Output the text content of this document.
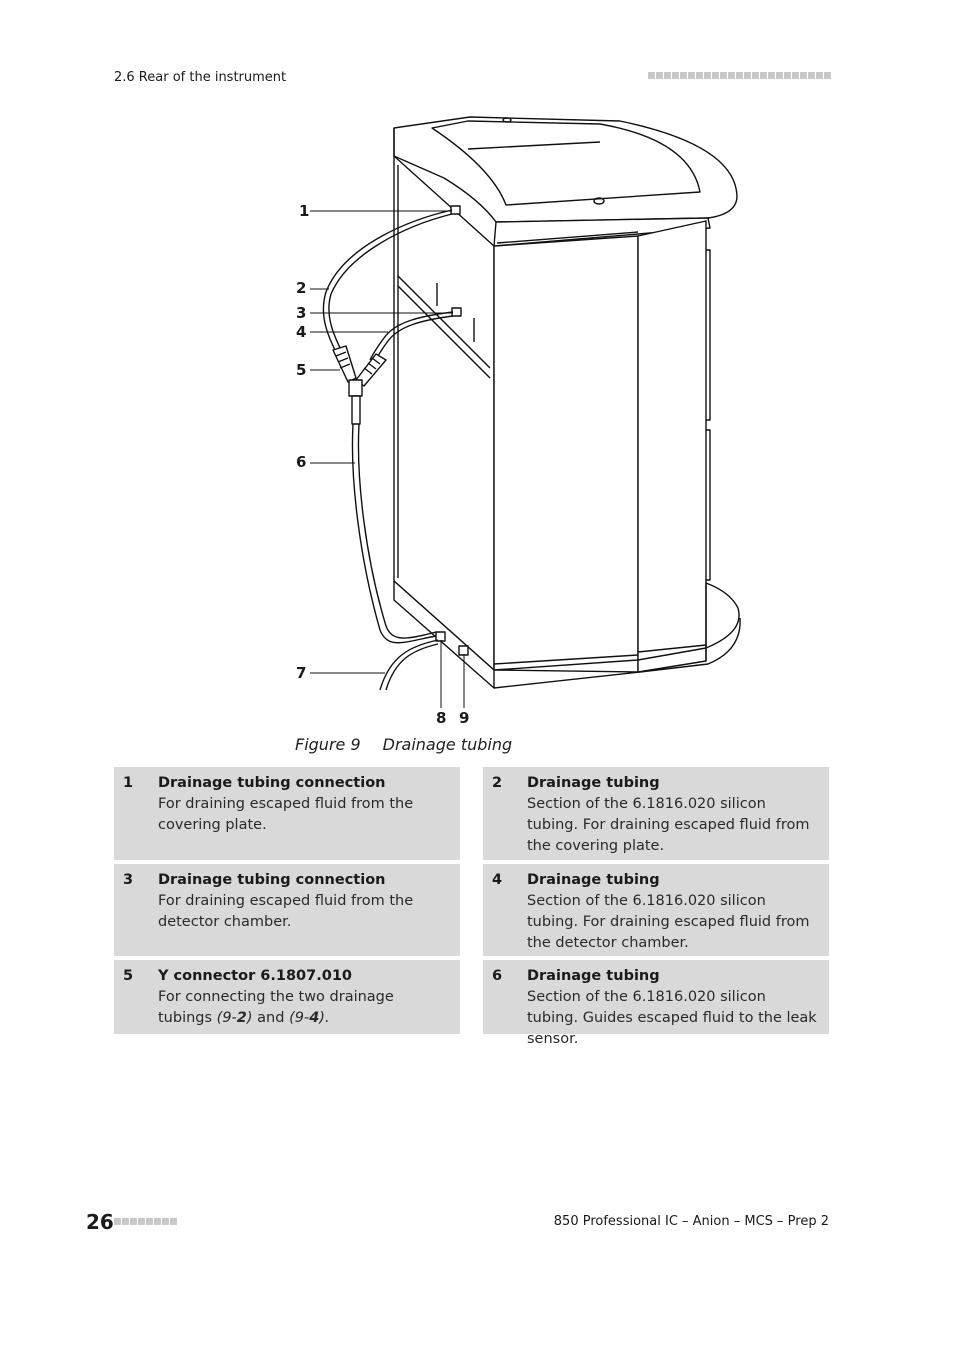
2.6 Rear of the instrument
1
2
3
4
5
6
7
8 9
Figure 9 Drainage tubing
1 Drainage tubing connection
For draining escaped fluid from the covering plate.
2 Drainage tubing
Section of the 6.1816.020 silicon tubing. For draining escaped fluid from the covering plate.
3 Drainage tubing connection
For draining escaped fluid from the detector chamber.
4 Drainage tubing
Section of the 6.1816.020 silicon tubing. For draining escaped fluid from the detector chamber.
5 Y connector 6.1807.010
For connecting the two drainage tubings (9-2) and (9-4).
6 Drainage tubing
Section of the 6.1816.020 silicon tubing. Guides escaped fluid to the leak sensor.
26	850 Professional IC – Anion – MCS – Prep 2
